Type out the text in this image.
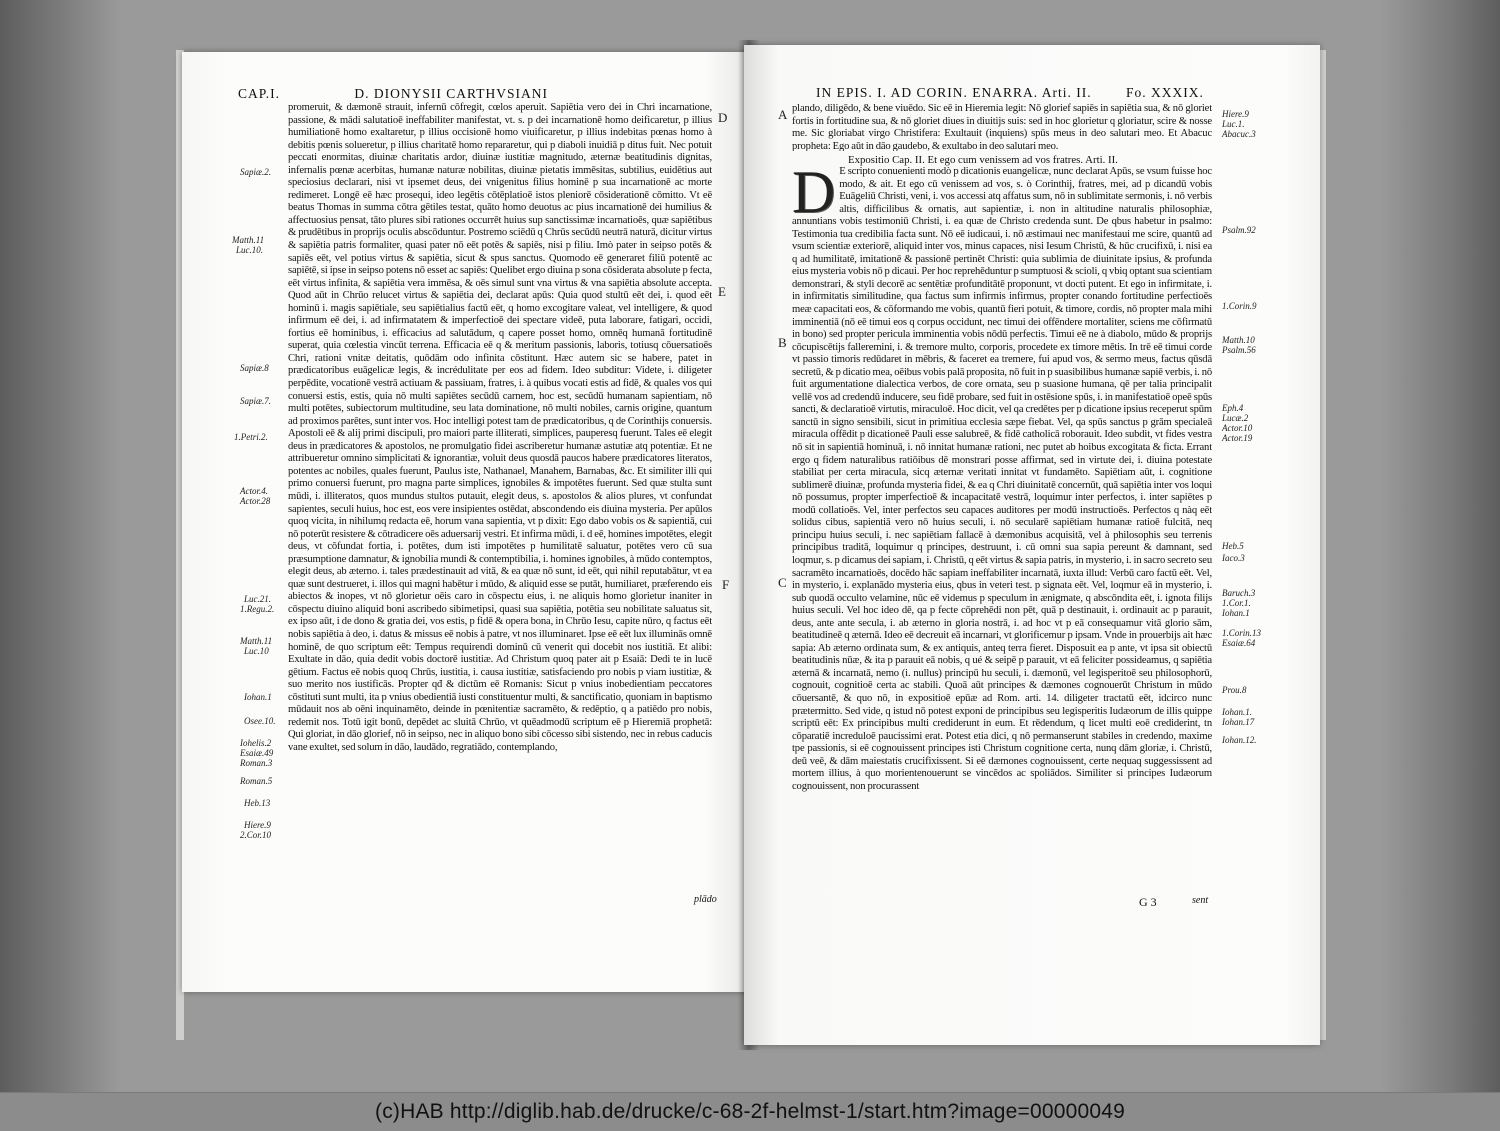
CAP.I.	D. DIONYSII CARTHVSIANI

promeruit, & dæmonē strauit, infernū cōfregit, cœlos aperuit. Sapiētia vero dei in Chri incarnatione, passione, & mādi salutatioē ineffabiliter manifestat, vt. s. p dei incarnationē homo deificaretur, p illius humiliationē homo exaltaretur, p illius occisionē homo viuificaretur, p illius indebitas pœnas homo à debitis pœnis solueretur, p illius charitatē homo repararetur, qui p diaboli inuidiā p ditus fuit. Nec potuit peccati enormitas, diuinæ charitatis ardor, diuinæ iustitiæ magnitudo, æternæ beatitudinis dignitas, infernalis pœnæ acerbitas, humanæ naturæ nobilitas, diuinæ pietatis immēsitas, subtilius, euidētius aut speciosius declarari, nisi vt ipsemet deus, dei vnigenitus filius hominē p sua incarnationē ac morte redimeret. Longē eē hæc prosequi, ideo legētis cōtēplatioē istos pleniorē cōsiderationē cōmitto. Vt eē beatus Thomas in summa cōtra gētiles testat, quāto homo deuotus ac pius incarnationē dei humilius & affectuosius pensat, tāto plures sibi rationes occurrēt huius sup sanctissimæ incarnatioēs, quæ sapiētibus & prudētibus in proprijs oculis abscōduntur. Postremo sciēdū q Chrūs secūdū neutrā naturā, dicitur virtus & sapiētia patris formaliter, quasi pater nō eēt potēs & sapiēs, nisi p filiu. Imò pater in seipso potēs & sapiēs eēt, vel potius virtus & sapiētia, sicut & spus sanctus. Quomodo eē generaret filiū potentē ac sapiētē, si ipse in seipso potens nō esset ac sapiēs: Quelibet ergo diuina p sona cōsiderata absolute p fecta, eēt virtus infinita, & sapiētia vera immēsa, & oēs simul sunt vna virtus & vna sapiētia absolute accepta. Quod aūt in Chrūo relucet virtus & sapiētia dei, declarat apūs: Quia quod stultū eēt dei, i. quod eēt hominū i. magis sapiētiale, seu sapiētialius factū eēt, q homo excogitare valeat, vel intelligere, & quod infirmum eē dei, i. ad infirmatatem & imperfectioē dei spectare videē, puta laborare, fatigari, occidi, fortius eē hominibus, i. efficacius ad salutādum, q capere posset homo, omnēq humanā fortitudinē superat, quia cœlestia vincūt terrena. Efficacia eē q & meritum passionis, laboris, totiusq cōuersatioēs Chri, rationi vnitæ deitatis, quōdām odo infinita cōstitunt. Hæc autem sic se habere, patet in prædicatoribus euāgelicæ legis, & incrédulitate per eos ad fidem. Ideo subditur: Videte, i. diligeter perpēdite, vocationē vestrā actiuam & passiuam, fratres, i. à quibus vocati estis ad fidē, & quales vos qui conuersi estis, estis, quia nō multi sapiētes secūdū carnem, hoc est, secūdū humanam sapientiam, nō multi potētes, subiectorum multitudine, seu lata dominatione, nō multi nobiles, carnis origine, quantum ad proximos parētes, sunt inter vos. Hoc intelligi potest tam de prædicatoribus, q de Corinthijs conuersis. Apostoli eē & alij primi discipuli, pro maiori parte illiterati, simplices, pauperesq fuerunt. Tales eē elegit deus in prædicatores & apostolos, ne promulgatio fidei ascriberetur humanæ astutiæ atq potentiæ. Et ne attribueretur omnino simplicitati & ignorantiæ, voluit deus quosdā paucos habere prædicatores literatos, potentes ac nobiles, quales fuerunt, Paulus iste, Nathanael, Manahem, Barnabas, &c. Et similiter illi qui primo conuersi fuerunt, pro magna parte simplices, ignobiles & impotētes fuerunt. Sed quæ stulta sunt mūdi, i. illiteratos, quos mundus stultos putauit, elegit deus, s. apostolos & alios plures, vt confundat sapientes, seculi huius, hoc est, eos vere insipientes ostēdat, abscondendo eis diuina mysteria. Per apūlos quoq vicita, in nihilumq redacta eē, horum vana sapientia, vt p dixit: Ego dabo vobis os & sapientiā, cui nō poterūt resistere & cōtradicere oēs aduersarij vestri. Et infirma mūdi, i. d eē, homines impotētes, elegit deus, vt cōfundat fortia, i. potētes, dum isti impotētes p humilitatē saluatur, potētes vero cū sua præsumptione damnatur, & ignobilia mundi & contemptibilia, i. homines ignobiles, à mūdo contemptos, elegit deus, ab æterno. i. tales prædestinauit ad vitā, & ea quæ nō sunt, id eēt, qui nihil reputabātur, vt ea quæ sunt destrueret, i. illos qui magni habētur i mūdo, & aliquid esse se putāt, humiliaret, præferendo eis abiectos & inopes, vt nō glorietur oēis caro in cōspectu eius, i. ne aliquis homo glorietur inaniter in cōspectu diuino aliquid boni ascribedo sibimetipsi, quasi sua sapiētia, potētia seu nobilitate saluatus sit, ex ipso aūt, i de dono & gratia dei, vos estis, p fidē & opera bona, in Chrūo Iesu, capite nūro, q factus eēt nobis sapiētia à deo, i. datus & missus eē nobis à patre, vt nos illuminaret. Ipse eē eēt lux illuminās omnē hominē, de quo scriptum eēt: Tempus requirendi dominū cū venerit qui docebit nos iustitiā. Et alibi: Exultate in dāo, quia dedit vobis doctorē iustitiæ. Ad Christum quoq pater ait p Esaiā: Dedi te in lucē gētium. Factus eē nobis quoq Chrūs, iustitia, i. causa iustitiæ, satisfaciendo pro nobis p viam iustitiæ, & suo merito nos iustificās. Propter qđ & dictūm eē Romanis: Sicut p vnius inobedientiam peccatores cōstituti sunt multi, ita p vnius obedientiā iusti constituentur multi, & sanctificatio, quoniam in baptismo mūdauit nos ab oēni inquinamēto, deinde in pœnitentiæ sacramēto, & redēptio, q a patiēdo pro nobis, redemit nos. Totū igit bonū, depēdet ac sluitā Chrūo, vt quēadmodū scriptum eē p Hieremiā prophetā: Qui gloriat, in dāo glorief, nō in seipso, nec in aliquo bono sibi cōcesso sibi sistendo, nec in rebus caducis vane exultet, sed solum in dāo, laudādo, regratiādo, contemplando,

plādo
D
E
F
Sapiæ.2.
Matth.11
Luc.10.
Sapiæ.8
Sapiæ.7.
1.Petri.2.
Actor.4.
Actor.28
Luc.21.
1.Regu.2.
Matth.11
Luc.10
Iohan.1
Osee.10.
Iohelis.2
Esaiæ.49
Roman.3
Roman.5
Heb.13
Hiere.9
2.Cor.10
IN EPIS. I. AD CORIN. ENARRA. Arti. II.	Fo. XXXIX.
A
B
C

plando, diligēdo, & bene viuēdo. Sic eē in Hieremia legit: Nō glorief sapiēs in sapiētia sua, & nō gloriet fortis in fortitudine sua, & nō gloriet diues in diuitijs suis: sed in hoc glorietur q gloriatur, scire & nosse me. Sic gloriabat virgo Christifera: Exultauit (inquiens) spūs meus in deo salutari meo. Et Abacuc propheta: Ego aūt in dāo gaudebo, & exultabo in deo salutari meo.

Expositio Cap. II. Et ego cum venissem ad vos fratres. Arti. II.
D E scripto conuenienti modò p dicationis euangelicæ, nunc declarat Apūs, se vsum fuisse hoc modo, & ait. Et ego cū venissem ad vos, s. ò Corinthij, fratres, mei, ad p dicandū vobis Euāgeliū Christi, veni, i. vos accessi atq affatus sum, nō in sublimitate sermonis, i. nō verbis altis, difficilibus & ornatis, aut sapientiæ, i. non in altitudine naturalis philosophiæ, annuntians vobis testimoniū Christi, i. ea quæ de Christo credenda sunt. De qbus habetur in psalmo: Testimonia tua credibilia facta sunt. Nō eē iudicaui, i. nō æstimaui nec manifestaui me scire, quantū ad vsum scientiæ exteriorē, aliquid inter vos, minus capaces, nisi Iesum Christū, & hūc crucifixū, i. nisi ea q ad humilitatē, imitationē & passionē pertinēt Christi: quia sublimia de diuinitate ipsius, & profunda eius mysteria vobis nō p dicaui. Per hoc reprehēduntur p sumptuosi & scioli, q vbiq optant sua scientiam demonstrari, & styli decorē ac sentētiæ profunditātē proponunt, vt docti putent. Et ego in infirmitate, i. in infirmitatis similitudine, qua factus sum infirmis infirmus, propter conando fortitudine perfectioēs meæ capacitati eos, & cōformando me vobis, quantū fieri potuit, & timore, cordis, nō propter mala mihi imminentiā (nō eē timui eos q corpus occidunt, nec timui dei offēndere mortaliter, sciens me cōfirmatū in bono) sed propter pericula imminentia vobis nōdū perfectis. Timui eē ne à diabolo, mūdo & proprijs cōcupiscētijs falleremini, i. & tremore multo, corporis, procedete ex timore mētis. In trē eē timui corde vt passio timoris redūdaret in mēbris, & faceret ea tremere, fui apud vos, & sermo meus, factus qūsdā secretū, & p dicatio mea, oēibus vobis palā proposita, nō fuit in p suasibilibus humanæ sapiē verbis, i. nō fuit argumentatione dialectica verbos, de core ornata, seu p suasione humana, qē per talia principalit vellē vos ad credendū inducere, seu fidē probare, sed fuit in ostēsione spūs, i. in manifestatioē opeē spūs sancti, & declaratioē virtutis, miraculoē. Hoc dicit, vel qa credētes per p dicatione ipsius receperut spūm sanctū in signo sensibili, sicut in primitiua ecclesia sæpe fiebat. Vel, qa spūs sanctus p grām specialeā miracula offēdit p dicationeē Pauli esse salubreē, & fidē catholicā roborauit. Ideo subdit, vt fides vestra nō sit in sapientiā hominuā, i. nō innitat humanæ rationi, nec putet ab hoibus excogitata & ficta. Errant ergo q fidem naturalibus ratiōibus dē monstrari posse affirmat, sed in virtute dei, i. diuina potestate stabiliat per certa miracula, sicq æternæ veritati innitat vt fundamēto. Sapiētiam aūt, i. cognitione sublimerē diuinæ, profunda mysteria fidei, & ea q Chri diuinitatē concernūt, quā sapiētia inter vos loqui nō possumus, propter imperfectioē & incapacitatē vestrā, loquimur inter perfectos, i. inter sapiētes p modū collatioēs. Vel, inter perfectos seu capaces auditores per modū instructioēs. Perfectos q nàq eēt solidus cibus, sapientiā vero nō huius seculi, i. nō secularē sapiētiam humanæ ratioē fulcitā, neq principu huius seculi, i. nec sapiētiam fallacē à dæmonibus acquisitā, vel à philosophis seu terrenis principibus traditā, loquimur q principes, destruunt, i. cū omni sua sapia pereunt & damnant, sed loqmur, s. p dicamus dei sapiam, i. Christū, q eēt virtus & sapia patris, in mysterio, i. in sacro secreto seu sacramēto incarnatioēs, docēdo hāc sapiam ineffabiliter incarnatā, iuxta illud: Verbū caro factū eēt. Vel, in mysterio, i. explanādo mysteria eius, qbus in veteri test. p signata eēt. Vel, loqmur eā in mysterio, i. sub quodā occulto velamine, nūc eē videmus p speculum in ænigmate, q abscōndita eēt, i. ignota filijs huius seculi. Vel hoc ideo dē, qa p fecte cōprehēdi non pēt, quā p destinauit, i. ordinauit ac p parauit, deus, ante ante secula, i. ab æterno in gloria nostrā, i. ad hoc vt p eā consequamur vitā glorio sām, beatitudineē q æternā. Ideo eē decreuit eā incarnari, vt glorificemur p ipsam. Vnde in prouerbijs ait hæc sapia: Ab æterno ordinata sum, & ex antiquis, anteq terra fieret. Disposuit ea p ante, vt ipsa sit obiectū beatitudinis nūæ, & ita p parauit eā nobis, q ué & seipē p parauit, vt eā feliciter possideamus, q sapiētia æternā & incarnatā, nemo (i. nullus) principū hu seculi, i. dæmonū, vel legisperitoē seu philosophorū, cognouit, cognitioē certa ac stabili. Quoā aūt principes & dæmones cognouerūt Christum in mūdo cōuersantē, & quo nō, in expositioē epūæ ad Rom. arti. 14. diligeter tractatū eēt, idcirco nunc prætermitto. Sed vide, q istud nō potest exponi de principibus seu legisperitis Iudæorum de illis quippe scriptū eēt: Ex principibus multi crediderunt in eum. Et rēdendum, q licet multi eoē crediderint, tn cōparatiē increduloē paucissimi erat. Potest etia dici, q nō permanserunt stabiles in credendo, maxime tpe passionis, si eē cognouissent principes isti Christum cognitione certa, nunq dām gloriæ, i. Christū, deū veē, & dām maiestatis crucifixissent. Si eē dæmones cognouissent, certe nequaq suggessissent ad mortem illius, à quo morientenouerunt se vincēdos ac spoliādos. Similiter si principes Iudæorum cognouissent, non procurassent

G 3	sent
Hiere.9
Luc.1.
Abacuc.3
Psalm.92
1.Corin.9
Matth.10
Psalm.56
Eph.4
Lucæ.2
Actor.10
Actor.19
Heb.5
Iaco.3
Baruch.3
1.Cor.1.
Iohan.1
1.Corin.13
Esaiæ.64
Prou.8
Iohan.1.
Iohan.17
Iohan.12.
(c)HAB http://diglib.hab.de/drucke/c-68-2f-helmst-1/start.htm?image=00000049
